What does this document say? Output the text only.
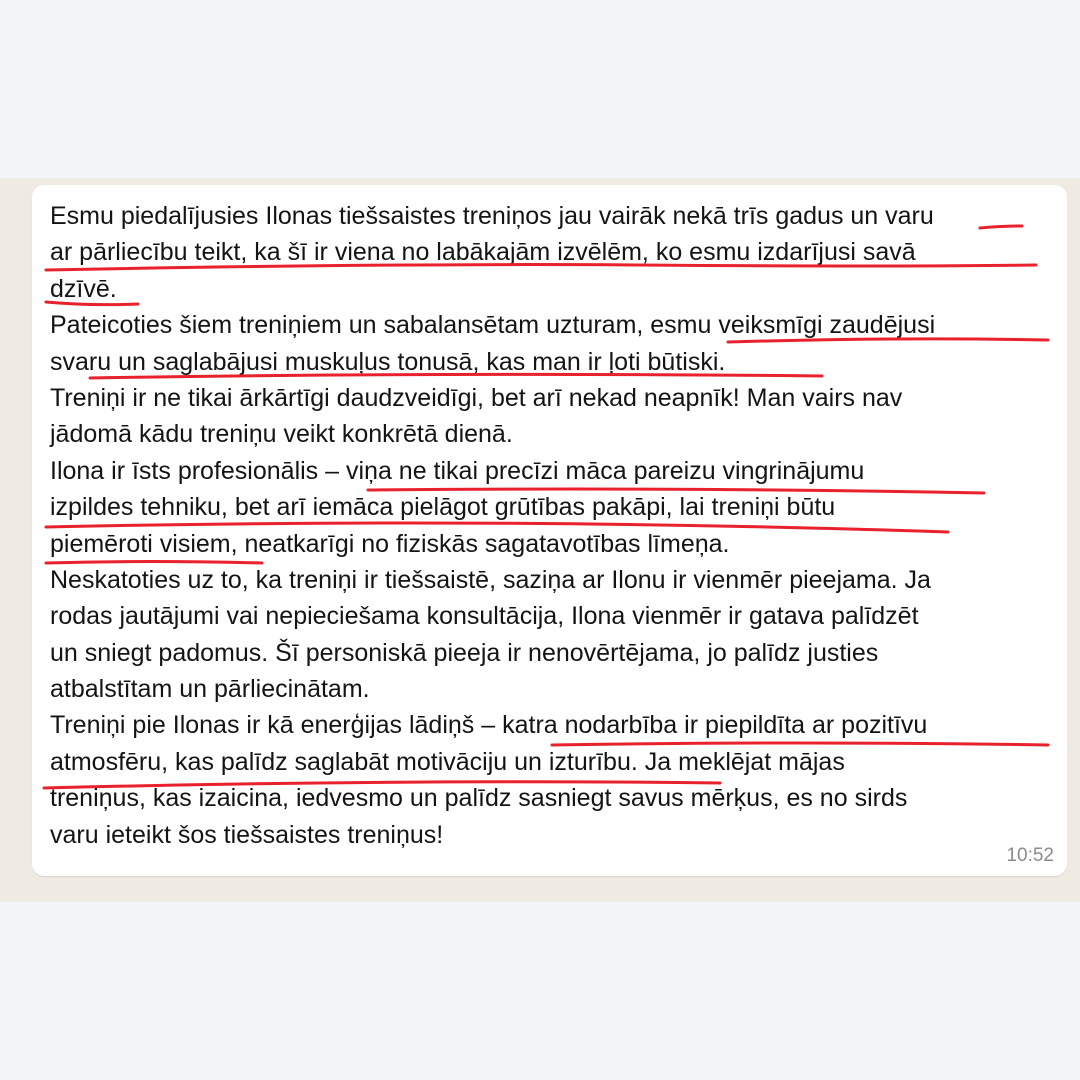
Esmu piedalījusies Ilonas tiešsaistes treniņos jau vairāk nekā trīs gadus un varu
ar pārliecību teikt, ka šī ir viena no labākajām izvēlēm, ko esmu izdarījusi savā
dzīvē.
Pateicoties šiem treniņiem un sabalansētam uzturam, esmu veiksmīgi zaudējusi
svaru un saglabājusi muskuļus tonusā, kas man ir ļoti būtiski.
Treniņi ir ne tikai ārkārtīgi daudzveidīgi, bet arī nekad neapnīk! Man vairs nav
jādomā kādu treniņu veikt konkrētā dienā.
Ilona ir īsts profesionālis – viņa ne tikai precīzi māca pareizu vingrinājumu
izpildes tehniku, bet arī iemāca pielāgot grūtības pakāpi, lai treniņi būtu
piemēroti visiem, neatkarīgi no fiziskās sagatavotības līmeņa.
Neskatoties uz to, ka treniņi ir tiešsaistē, saziņa ar Ilonu ir vienmēr pieejama. Ja
rodas jautājumi vai nepieciešama konsultācija, Ilona vienmēr ir gatava palīdzēt
un sniegt padomus. Šī personiskā pieeja ir nenovērtējama, jo palīdz justies
atbalstītam un pārliecinātam.
Treniņi pie Ilonas ir kā enerģijas lādiņš – katra nodarbība ir piepildīta ar pozitīvu
atmosfēru, kas palīdz saglabāt motivāciju un izturību. Ja meklējat mājas
treniņus, kas izaicina, iedvesmo un palīdz sasniegt savus mērķus, es no sirds
varu ieteikt šos tiešsaistes treniņus!
10:52
